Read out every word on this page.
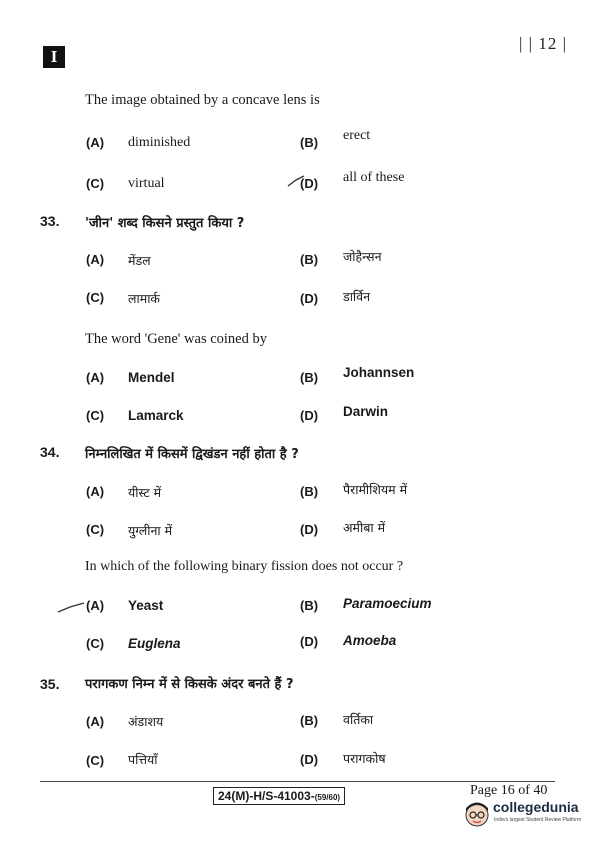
I
| | 12 |
The image obtained by a concave lens is
(A) diminished	(B) erect
(C) virtual	(D) all of these
33. 'जीन' शब्द किसने प्रस्तुत किया ?
(A) मेंडल	(B) जोहैन्सन
(C) लामार्क	(D) डार्विन
The word 'Gene' was coined by
(A) Mendel	(B) Johannsen
(C) Lamarck	(D) Darwin
34. निम्नलिखित में किसमें द्विखंडन नहीं होता है ?
(A) यीस्ट में	(B) पैरामीशियम में
(C) युग्लीना में	(D) अमीबा में
In which of the following binary fission does not occur ?
(A) Yeast	(B) Paramoecium
(C) Euglena	(D) Amoeba
35. परागकण निम्न में से किसके अंदर बनते हैं ?
(A) अंडाशय	(B) वर्तिका
(C) पत्तियाँ	(D) परागकोष
24(M)-H/S-41003-(59/60)	Page 16 of 40
collegedunia
India's largest Student Review Platform
